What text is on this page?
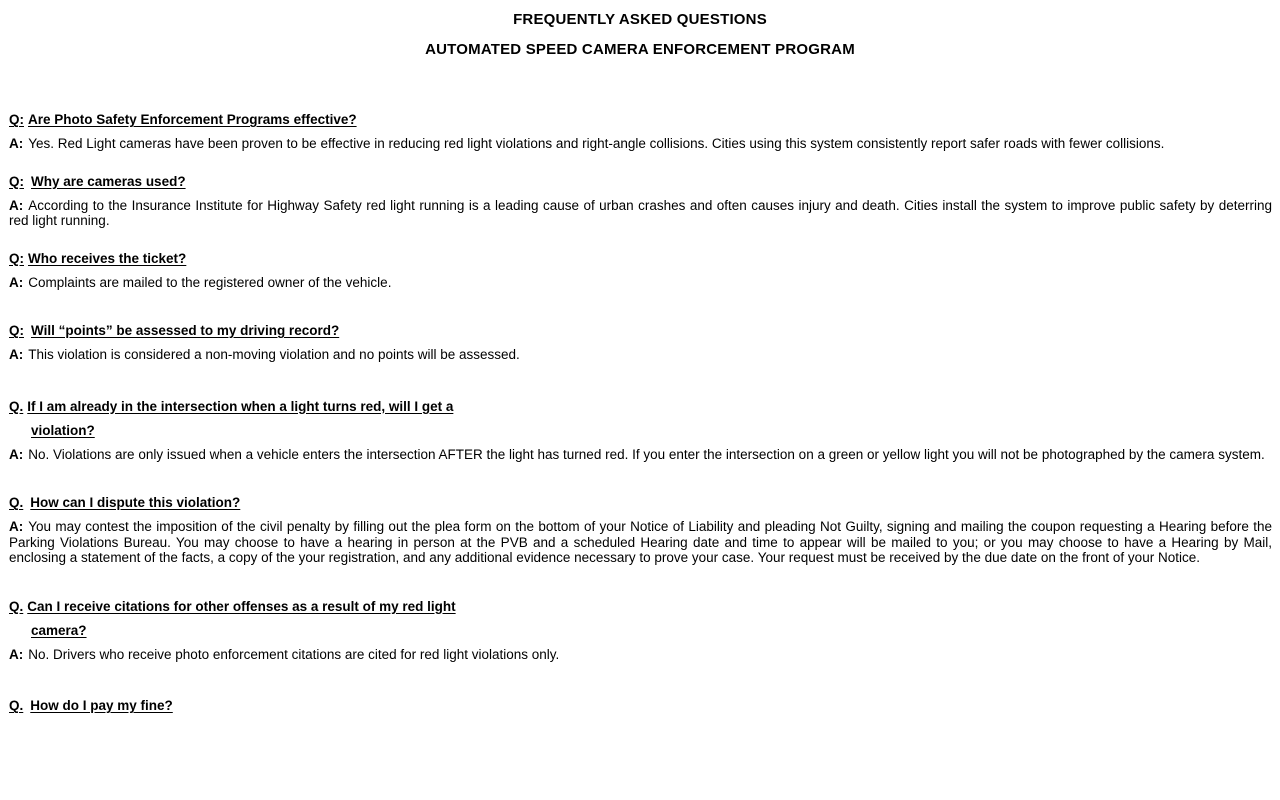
FREQUENTLY ASKED QUESTIONS
AUTOMATED SPEED CAMERA ENFORCEMENT PROGRAM
Q: Are Photo Safety Enforcement Programs effective?
A: Yes. Red Light cameras have been proven to be effective in reducing red light violations and right-angle collisions. Cities using this system consistently report safer roads with fewer collisions.
Q: Why are cameras used?
A: According to the Insurance Institute for Highway Safety red light running is a leading cause of urban crashes and often causes injury and death. Cities install the system to improve public safety by deterring red light running.
Q: Who receives the ticket?
A: Complaints are mailed to the registered owner of the vehicle.
Q: Will “points” be assessed to my driving record?
A: This violation is considered a non-moving violation and no points will be assessed.
Q. If I am already in the intersection when a light turns red, will I get a
violation?
A: No. Violations are only issued when a vehicle enters the intersection AFTER the light has turned red. If you enter the intersection on a green or yellow light you will not be photographed by the camera system.
Q. How can I dispute this violation?
A: You may contest the imposition of the civil penalty by filling out the plea form on the bottom of your Notice of Liability and pleading Not Guilty, signing and mailing the coupon requesting a Hearing before the Parking Violations Bureau. You may choose to have a hearing in person at the PVB and a scheduled Hearing date and time to appear will be mailed to you; or you may choose to have a Hearing by Mail, enclosing a statement of the facts, a copy of the your registration, and any additional evidence necessary to prove your case. Your request must be received by the due date on the front of your Notice.
Q. Can I receive citations for other offenses as a result of my red light
camera?
A: No. Drivers who receive photo enforcement citations are cited for red light violations only.
Q. How do I pay my fine?
